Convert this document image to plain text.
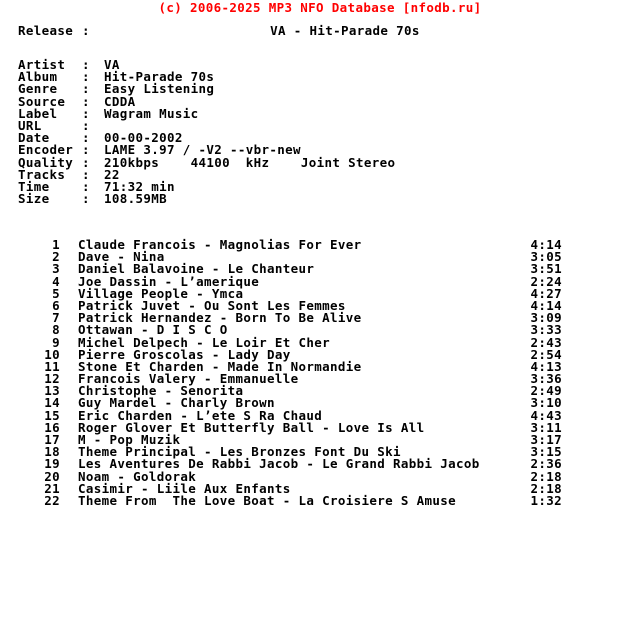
(c) 2006-2025 MP3 NFO Database [nfodb.ru]
Release :	VA - Hit-Parade 70s
Artist	:	VA
Album	:	Hit-Parade 70s
Genre	:	Easy Listening
Source	:	CDDA
Label	:	Wagram Music
URL	:
Date	:	00-00-2002
Encoder :	LAME 3.97 / -V2 --vbr-new
Quality :	210kbps    44100  kHz    Joint Stereo
Tracks	:	22
Time	:	71:32 min
Size	:	108.59MB
1 Claude Francois - Magnolias For Ever	4:14
2 Dave - Nina	3:05
3 Daniel Balavoine - Le Chanteur	3:51
4 Joe Dassin - L’amerique	2:24
5 Village People - Ymca	4:27
6 Patrick Juvet - Ou Sont Les Femmes	4:14
7 Patrick Hernandez - Born To Be Alive	3:09
8 Ottawan - D I S C O	3:33
9 Michel Delpech - Le Loir Et Cher	2:43
10 Pierre Groscolas - Lady Day	2:54
11 Stone Et Charden - Made In Normandie	4:13
12 Francois Valery - Emmanuelle	3:36
13 Christophe - Senorita	2:49
14 Guy Mardel - Charly Brown	3:10
15 Eric Charden - L’ete S Ra Chaud	4:43
16 Roger Glover Et Butterfly Ball - Love Is All	3:11
17 M - Pop Muzik	3:17
18 Theme Principal - Les Bronzes Font Du Ski	3:15
19 Les Aventures De Rabbi Jacob - Le Grand Rabbi Jacob	2:36
20 Noam - Goldorak	2:18
21 Casimir - Liile Aux Enfants	2:18
22 Theme From  The Love Boat - La Croisiere S Amuse	1:32
